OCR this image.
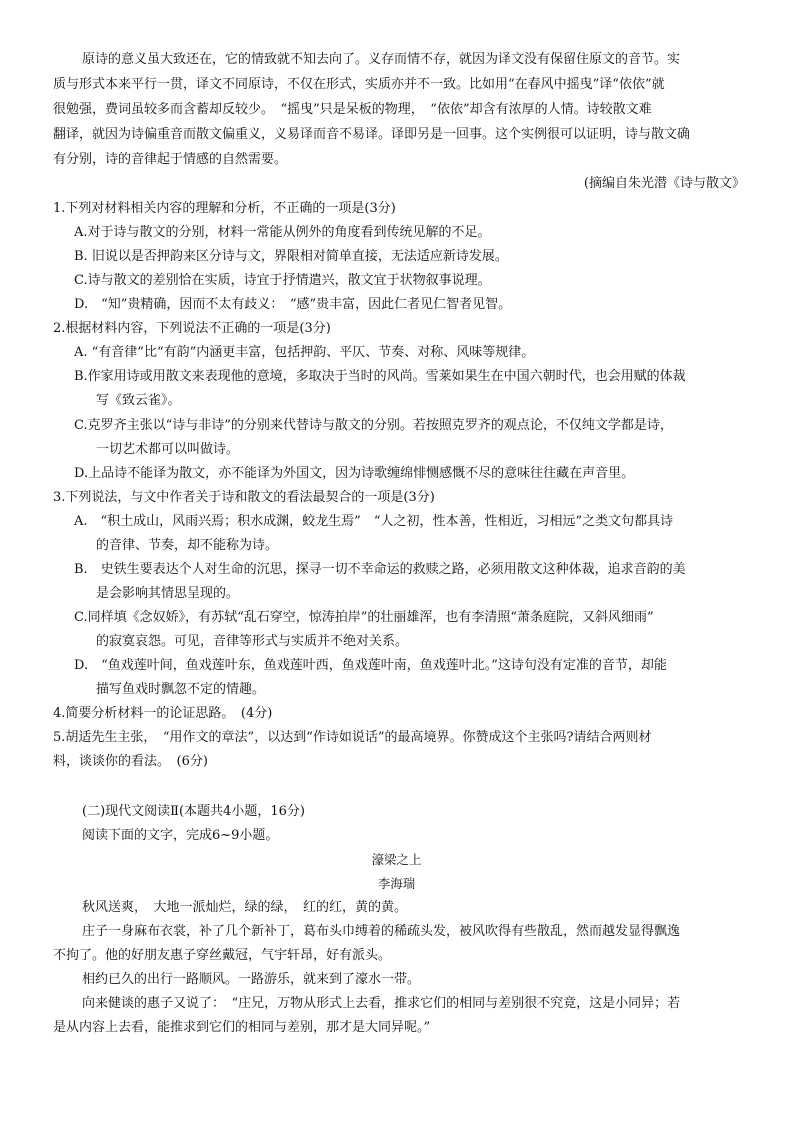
原诗的意义虽大致还在，它的情致就不知去向了。义存而情不存，就因为译文没有保留住原文的音节。实
质与形式本来平行一贯，译文不同原诗，不仅在形式，实质亦并不一致。比如用“在春风中摇曳”译“依依”就
很勉强，费词虽较多而含蓄却反较少。　“摇曳”只是呆板的物理，　“依依”却含有浓厚的人情。诗较散文难
翻译，就因为诗偏重音而散文偏重义，义易译而音不易译。译即另是一回事。这个实例很可以证明，诗与散文确
有分别，诗的音律起于情感的自然需要。
(摘编自朱光潜《诗与散文》
1.下列对材料相关内容的理解和分析，不正确的一项是(3分)
A.对于诗与散文的分别，材料一常能从例外的角度看到传统见解的不足。
B. 旧说以是否押韵来区分诗与文，界限相对简单直接，无法适应新诗发展。
C.诗与散文的差别恰在实质，诗宜于抒情遣兴，散文宜于状物叙事说理。
D.　“知”贵精确，因而不太有歧义：　“感”贵丰富，因此仁者见仁智者见智。
2.根据材料内容，下列说法不正确的一项是(3分)
A. “有音律”比“有韵”内涵更丰富，包括押韵、平仄、节奏、对称、风味等规律。
B.作家用诗或用散文来表现他的意境，多取决于当时的风尚。雪莱如果生在中国六朝时代，也会用赋的体裁
写《致云雀》。
C.克罗齐主张以“诗与非诗”的分别来代替诗与散文的分别。若按照克罗齐的观点论，不仅纯文学都是诗，
一切艺术都可以叫做诗。
D.上品诗不能译为散文，亦不能译为外国文，因为诗歌缠绵悱恻感慨不尽的意味往往藏在声音里。
3.下列说法，与文中作者关于诗和散文的看法最契合的一项是(3分)
A.　“积土成山，风雨兴焉；积水成渊，蛟龙生焉”　“人之初，性本善，性相近，习相远”之类文句都具诗
的音律、节奏，却不能称为诗。
B.　史铁生要表达个人对生命的沉思，探寻一切不幸命运的救赎之路，必须用散文这种体裁，追求音韵的美
是会影响其情思呈现的。
C.同样填《念奴娇》，有苏轼“乱石穿空，惊涛拍岸”的壮丽雄浑，也有李清照“萧条庭院，又斜风细雨”
的寂寞哀怨。可见，音律等形式与实质并不绝对关系。
D.　“鱼戏莲叶间，鱼戏莲叶东，鱼戏莲叶西，鱼戏莲叶南，鱼戏莲叶北。”这诗句没有定准的音节，却能
描写鱼戏时飘忽不定的情趣。
4.简要分析材料一的论证思路。　(4分)
5.胡适先生主张，　“用作文的章法”，以达到“作诗如说话”的最高境界。你赞成这个主张吗?请结合两则材
料，谈谈你的看法。　(6分)
(二)现代文阅读Ⅱ(本题共4小题，16分)
阅读下面的文字，完成6~9小题。
濠梁之上
李海瑞
秋风送爽，　大地一派灿烂，绿的绿，　红的红，黄的黄。
庄子一身麻布衣裳，补了几个新补丁，葛布头巾缚着的稀疏头发，被风吹得有些散乱，然而越发显得飘逸
不拘了。他的好朋友惠子穿丝戴冠，气宇轩昂，好有派头。
相约已久的出行一路顺风。一路游乐，就来到了濠水一带。
向来健谈的惠子又说了：　“庄兄，万物从形式上去看，推求它们的相同与差别很不究竟，这是小同异；若
是从内容上去看，能推求到它们的相同与差别，那才是大同异呢。”
